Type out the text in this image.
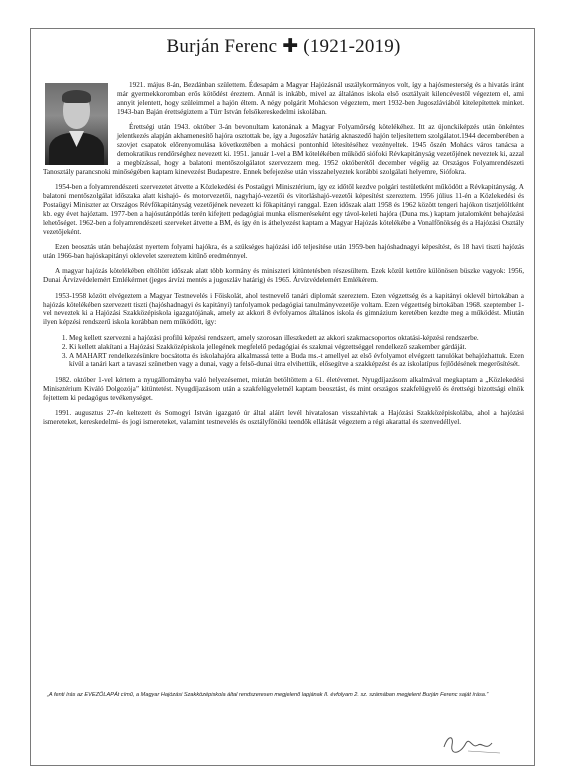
Burján Ferenc ✚ (1921-2019)

1921. május 8-án, Bezdánban születtem. Édesapám a Magyar Hajózásnál uszálykormányos volt, így a hajósmesterség és a hivatás iránt már gyermekkoromban erős kötődést éreztem. Annál is inkább, mivel az általános iskola első osztályait kilencévestől végeztem el, ami annyit jelentett, hogy szüleimmel a hajón éltem. A négy polgárit Mohácson végeztem, mert 1932-ben Jugoszláviából kitelepítettek minket. 1943-ban Baján érettségiztem a Türr István felsőkereskedelmi iskolában.

Érettségi után 1943. október 3-án bevonultam katonának a Magyar Folyamőrség kötelékéhez. Itt az újonckiképzés után önkéntes jelentkezés alapján akhamenesítő hajóra osztottak be, így a Jugoszláv határig aknaszedő hajón teljesítettem szolgálatot.1944 decemberében a szovjet csapatok előrenyomulása következtében a mohácsi pontonhíd létesítéséhez vezényeltek. 1945 őszén Mohács város tanácsa a demokratikus rendőrséghez nevezett ki. 1951. január 1-vel a BM kötelékében működő siófoki Révkapitányság vezetőjének neveztek ki, azzal a megbízással, hogy a balatoni mentőszolgálatot szervezzem meg. 1952 októberétől december végéig az Országos Folyamrendészeti Tanosztály parancsnoki minőségében kaptam kinevezést Budapestre. Ennek befejezése után visszahelyeztek korábbi szolgálati helyemre, Siófokra.

1954-ben a folyamrendészeti szervezetet átvette a Közlekedési és Postaügyi Minisztérium, így ez időtől kezdve polgári testületként működött a Révkapitányság. A balatoni mentőszolgálat időszaka alatt kishajó- és motorvezetői, nagyhajó-vezetői és vitorláshajó-vezetői képesítést szereztem. 1956 július 11-én a Közlekedési és Postaügyi Miniszter az Országos Révfőkapitányság vezetőjének nevezett ki főkapitányi ranggal. Ezen időszak alatt 1958 és 1962 között tengeri hajókon tisztjelöltként kb. egy évet hajóztam. 1977-ben a hajósutánpótlás terén kifejtett pedagógiai munka elismeréseként egy távol-keleti hajóra (Duna ms.) kaptam jutalomként behajózási lehetőséget. 1962-ben a folyamrendészeti szerveket átvette a BM, és így én is áthelyezést kaptam a Magyar Hajózás kötelékébe a Vonalfőnökség és a Hajózási Osztály vezetőjeként.

Ezen beosztás után behajózást nyertem folyami hajókra, és a szükséges hajózási idő teljesítése után 1959-ben hajóshadnagyi képesítést, és 18 havi tiszti hajózás után 1966-ban hajóskapitányi oklevelet szereztem kitűnő eredménnyel.

A magyar hajózás kötelékében eltöltött időszak alatt több kormány és miniszteri kitüntetésben részesültem. Ezek közül kettőre különösen büszke vagyok: 1956, Dunai Árvízvédelemért Emlékérmet (jeges árvízi mentés a jugoszláv határig) és 1965. Árvízvédelemért Emlékérem.

1953-1958 között elvégeztem a Magyar Testnevelés i Főiskolát, ahol testnevelő tanári diplomát szereztem. Ezen végzettség és a kapitányi oklevél birtokában a hajózás kötelékében szervezett tiszti (hajóshadnagyi és kapitányi) tanfolyamok pedagógiai tanulmányvezetője voltam. Ezen végzettség birtokában 1968. szeptember 1-vel neveztek ki a Hajózási Szakközépiskola igazgatójának, amely az akkori 8 évfolyamos általános iskola és gimnázium keretében kezdte meg a működést. Miután ilyen képzési rendszerű iskola korábban nem működött, így:

1. Meg kellett szervezni a hajózási profilú képzési rendszert, amely szorosan illeszkedett az akkori szakmacsoportos oktatási-képzési rendszerbe.
2. Ki kellett alakítani a Hajózási Szakközépiskola jellegének megfelelő pedagógiai és szakmai végzettséggel rendelkező szakember gárdáját.
3. A MAHART rendelkezésünkre bocsátotta és iskolahajóra alkalmassá tette a Buda ms.-t amellyel az első évfolyamot elvégzett tanulókat behajózhattuk. Ezen kívül a tanári kart a tavaszi szünetben vagy a dunai, vagy a felső-dunai útra elvihettük, elősegítve a szakképzést és az iskolatípus fejlődésének megerősítését.

1982. október 1-vel kértem a nyugállományba való helyezésemet, miután betöltöttem a 61. életévemet. Nyugdíjazásom alkalmával megkaptam a „Közlekedési Minisztérium Kiváló Dolgozója” kitüntetést. Nyugdíjazásom után a szakfelügyeletnél kaptam beosztást, és mint országos szakfelügyelő és érettségi bizottsági elnök fejtettem ki pedagógus tevékenységet.

1991. augusztus 27-én keltezett és Somogyi István igazgató úr által aláírt levél hivatalosan visszahívtak a Hajózási Szakközépiskolába, ahol a hajózási ismereteket, kereskedelmi- és jogi ismereteket, valamint testnevelés és osztályfőnöki teendők ellátását végeztem a régi akarattal és szenvedéllyel.

„A fenti írás az EVEZŐLAPÁt című, a Magyar Hajózási Szakközépiskola által rendszeresen megjelenő lapjának II. évfolyam 2. sz. számában megjelent Burján Ferenc saját írása.”
